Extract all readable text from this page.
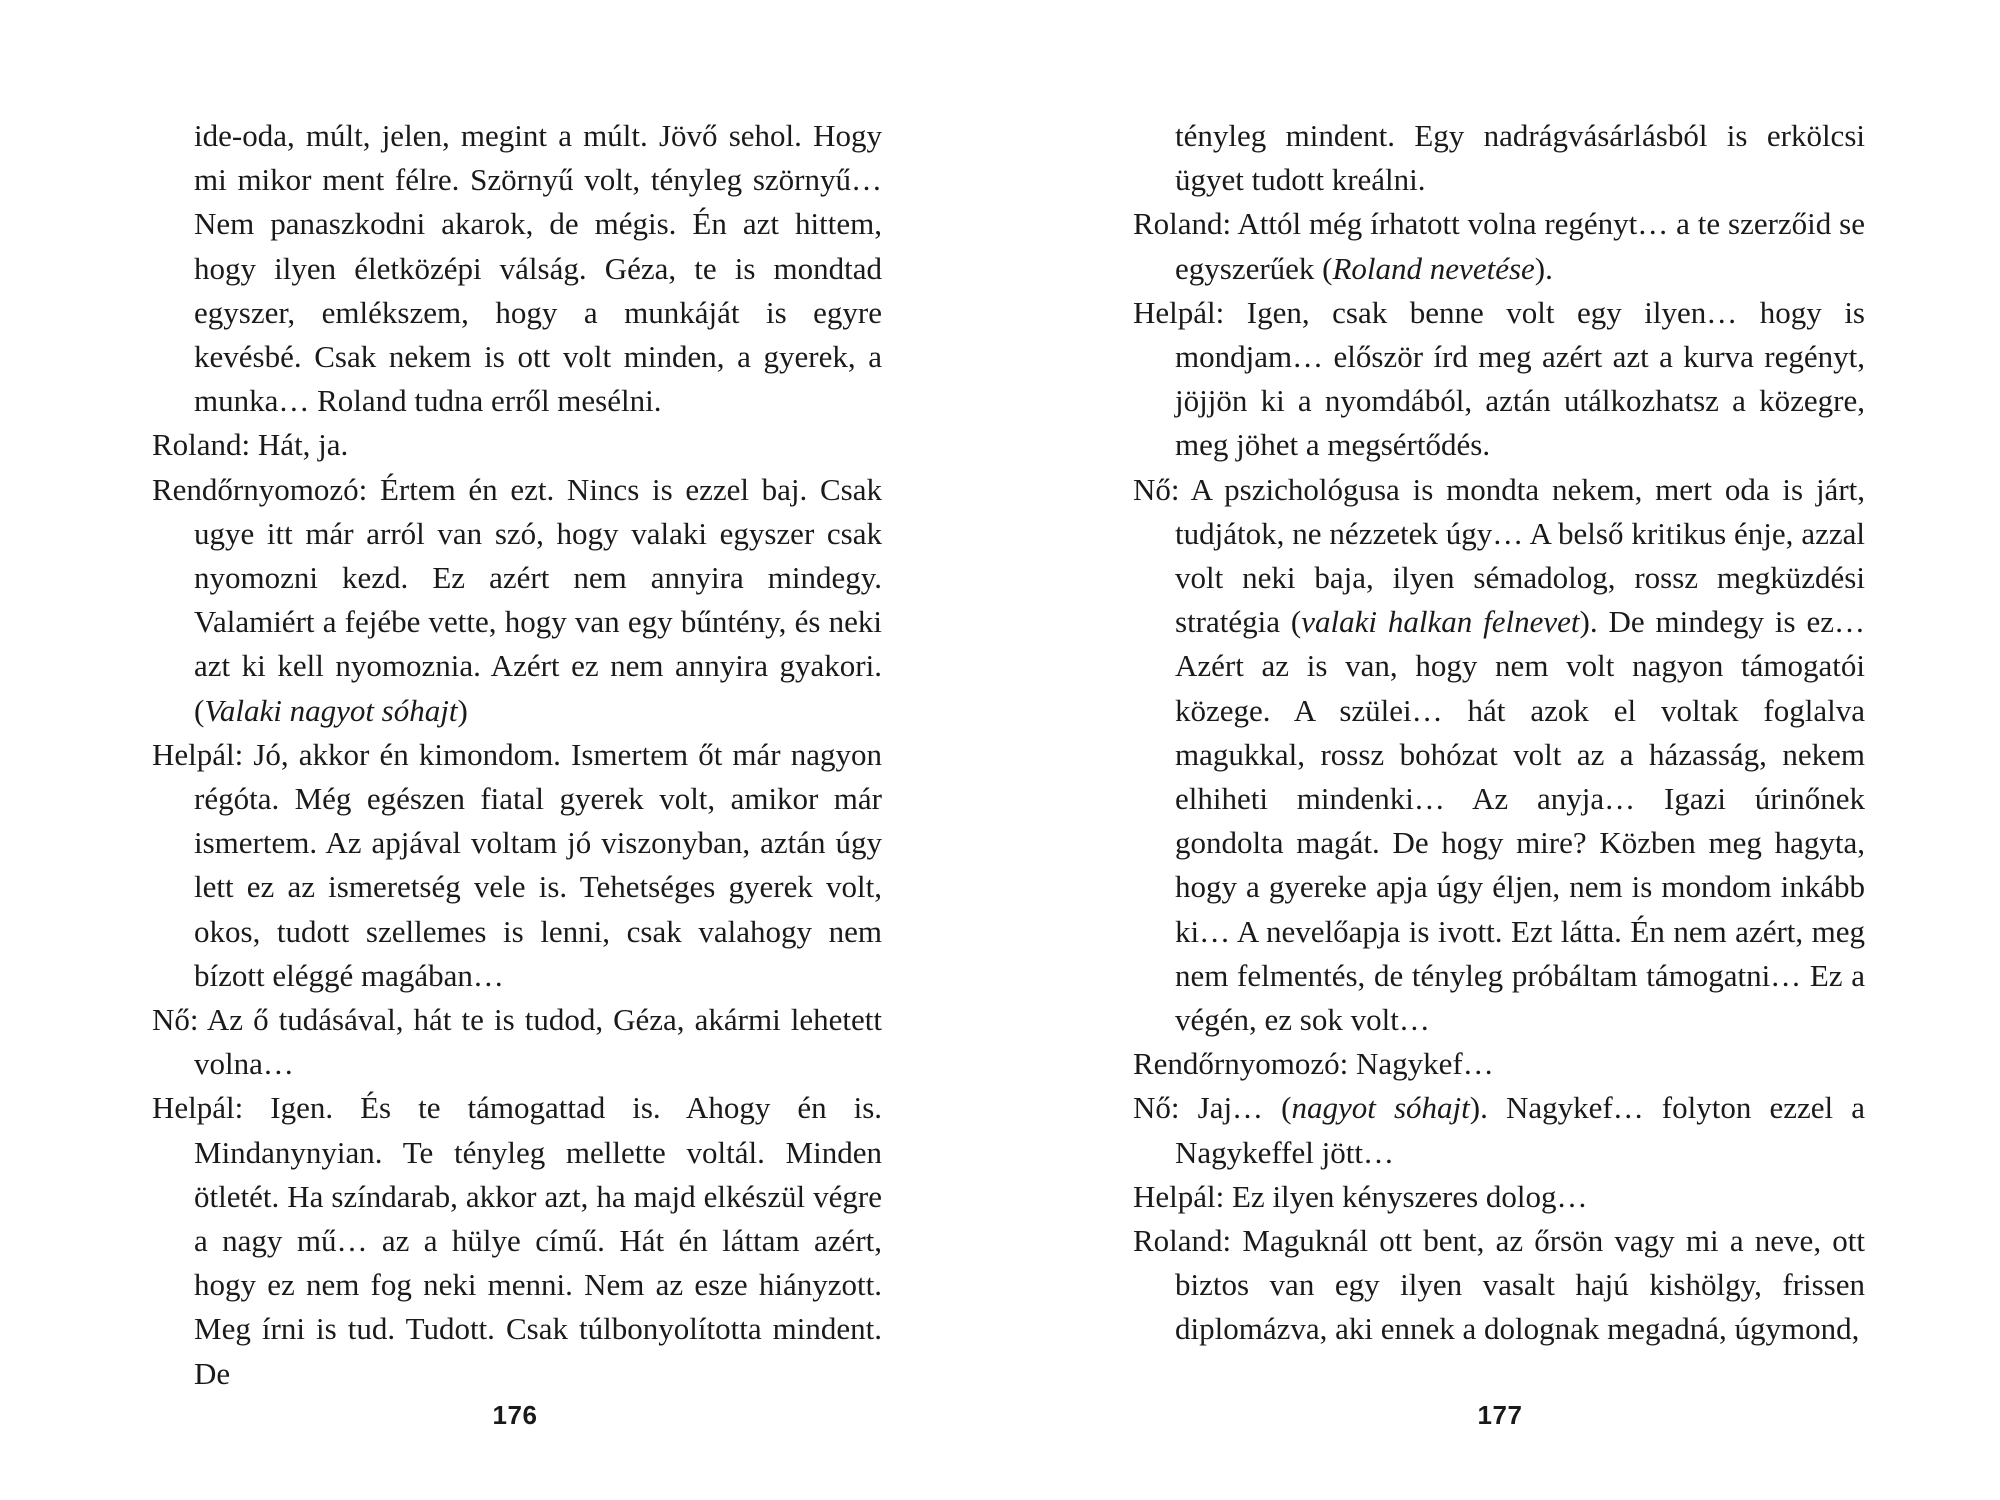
ide-oda, múlt, jelen, megint a múlt. Jövő sehol. Hogy mi mikor ment félre. Szörnyű volt, tényleg szörnyű… Nem panaszkodni akarok, de mégis. Én azt hittem, hogy ilyen életközépi válság. Géza, te is mondtad egyszer, emlékszem, hogy a munkáját is egyre kevésbé. Csak nekem is ott volt minden, a gyerek, a munka… Roland tudna erről mesélni.

Roland: Hát, ja.

Rendőrnyomozó: Értem én ezt. Nincs is ezzel baj. Csak ugye itt már arról van szó, hogy valaki egyszer csak nyomozni kezd. Ez azért nem annyira mindegy. Valamiért a fejébe vette, hogy van egy bűntény, és neki azt ki kell nyomoznia. Azért ez nem annyira gyakori. (Valaki nagyot sóhajt)

Helpál: Jó, akkor én kimondom. Ismertem őt már nagyon régóta. Még egészen fiatal gyerek volt, amikor már ismertem. Az apjával voltam jó viszonyban, aztán úgy lett ez az ismeretség vele is. Tehetséges gyerek volt, okos, tudott szellemes is lenni, csak valahogy nem bízott eléggé magában…

Nő: Az ő tudásával, hát te is tudod, Géza, akármi lehetett volna…

Helpál: Igen. És te támogattad is. Ahogy én is. Mindanynyian. Te tényleg mellette voltál. Minden ötletét. Ha színdarab, akkor azt, ha majd elkészül végre a nagy mű… az a hülye című. Hát én láttam azért, hogy ez nem fog neki menni. Nem az esze hiányzott. Meg írni is tud. Tudott. Csak túlbonyolította mindent. De

176

tényleg mindent. Egy nadrágvásárlásból is erkölcsi ügyet tudott kreálni.

Roland: Attól még írhatott volna regényt… a te szerzőid se egyszerűek (Roland nevetése).

Helpál: Igen, csak benne volt egy ilyen… hogy is mondjam… először írd meg azért azt a kurva regényt, jöjjön ki a nyomdából, aztán utálkozhatsz a közegre, meg jöhet a megsértődés.

Nő: A pszichológusa is mondta nekem, mert oda is járt, tudjátok, ne nézzetek úgy… A belső kritikus énje, azzal volt neki baja, ilyen sémadolog, rossz megküzdési stratégia (valaki halkan felnevet). De mindegy is ez… Azért az is van, hogy nem volt nagyon támogatói közege. A szülei… hát azok el voltak foglalva magukkal, rossz bohózat volt az a házasság, nekem elhiheti mindenki… Az anyja… Igazi úrinőnek gondolta magát. De hogy mire? Közben meg hagyta, hogy a gyereke apja úgy éljen, nem is mondom inkább ki… A nevelőapja is ivott. Ezt látta. Én nem azért, meg nem felmentés, de tényleg próbáltam támogatni… Ez a végén, ez sok volt…

Rendőrnyomozó: Nagykef…

Nő: Jaj… (nagyot sóhajt). Nagykef… folyton ezzel a Nagykeffel jött…

Helpál: Ez ilyen kényszeres dolog…

Roland: Maguknál ott bent, az őrsön vagy mi a neve, ott biztos van egy ilyen vasalt hajú kishölgy, frissen diplomázva, aki ennek a dolognak megadná, úgymond,

177
